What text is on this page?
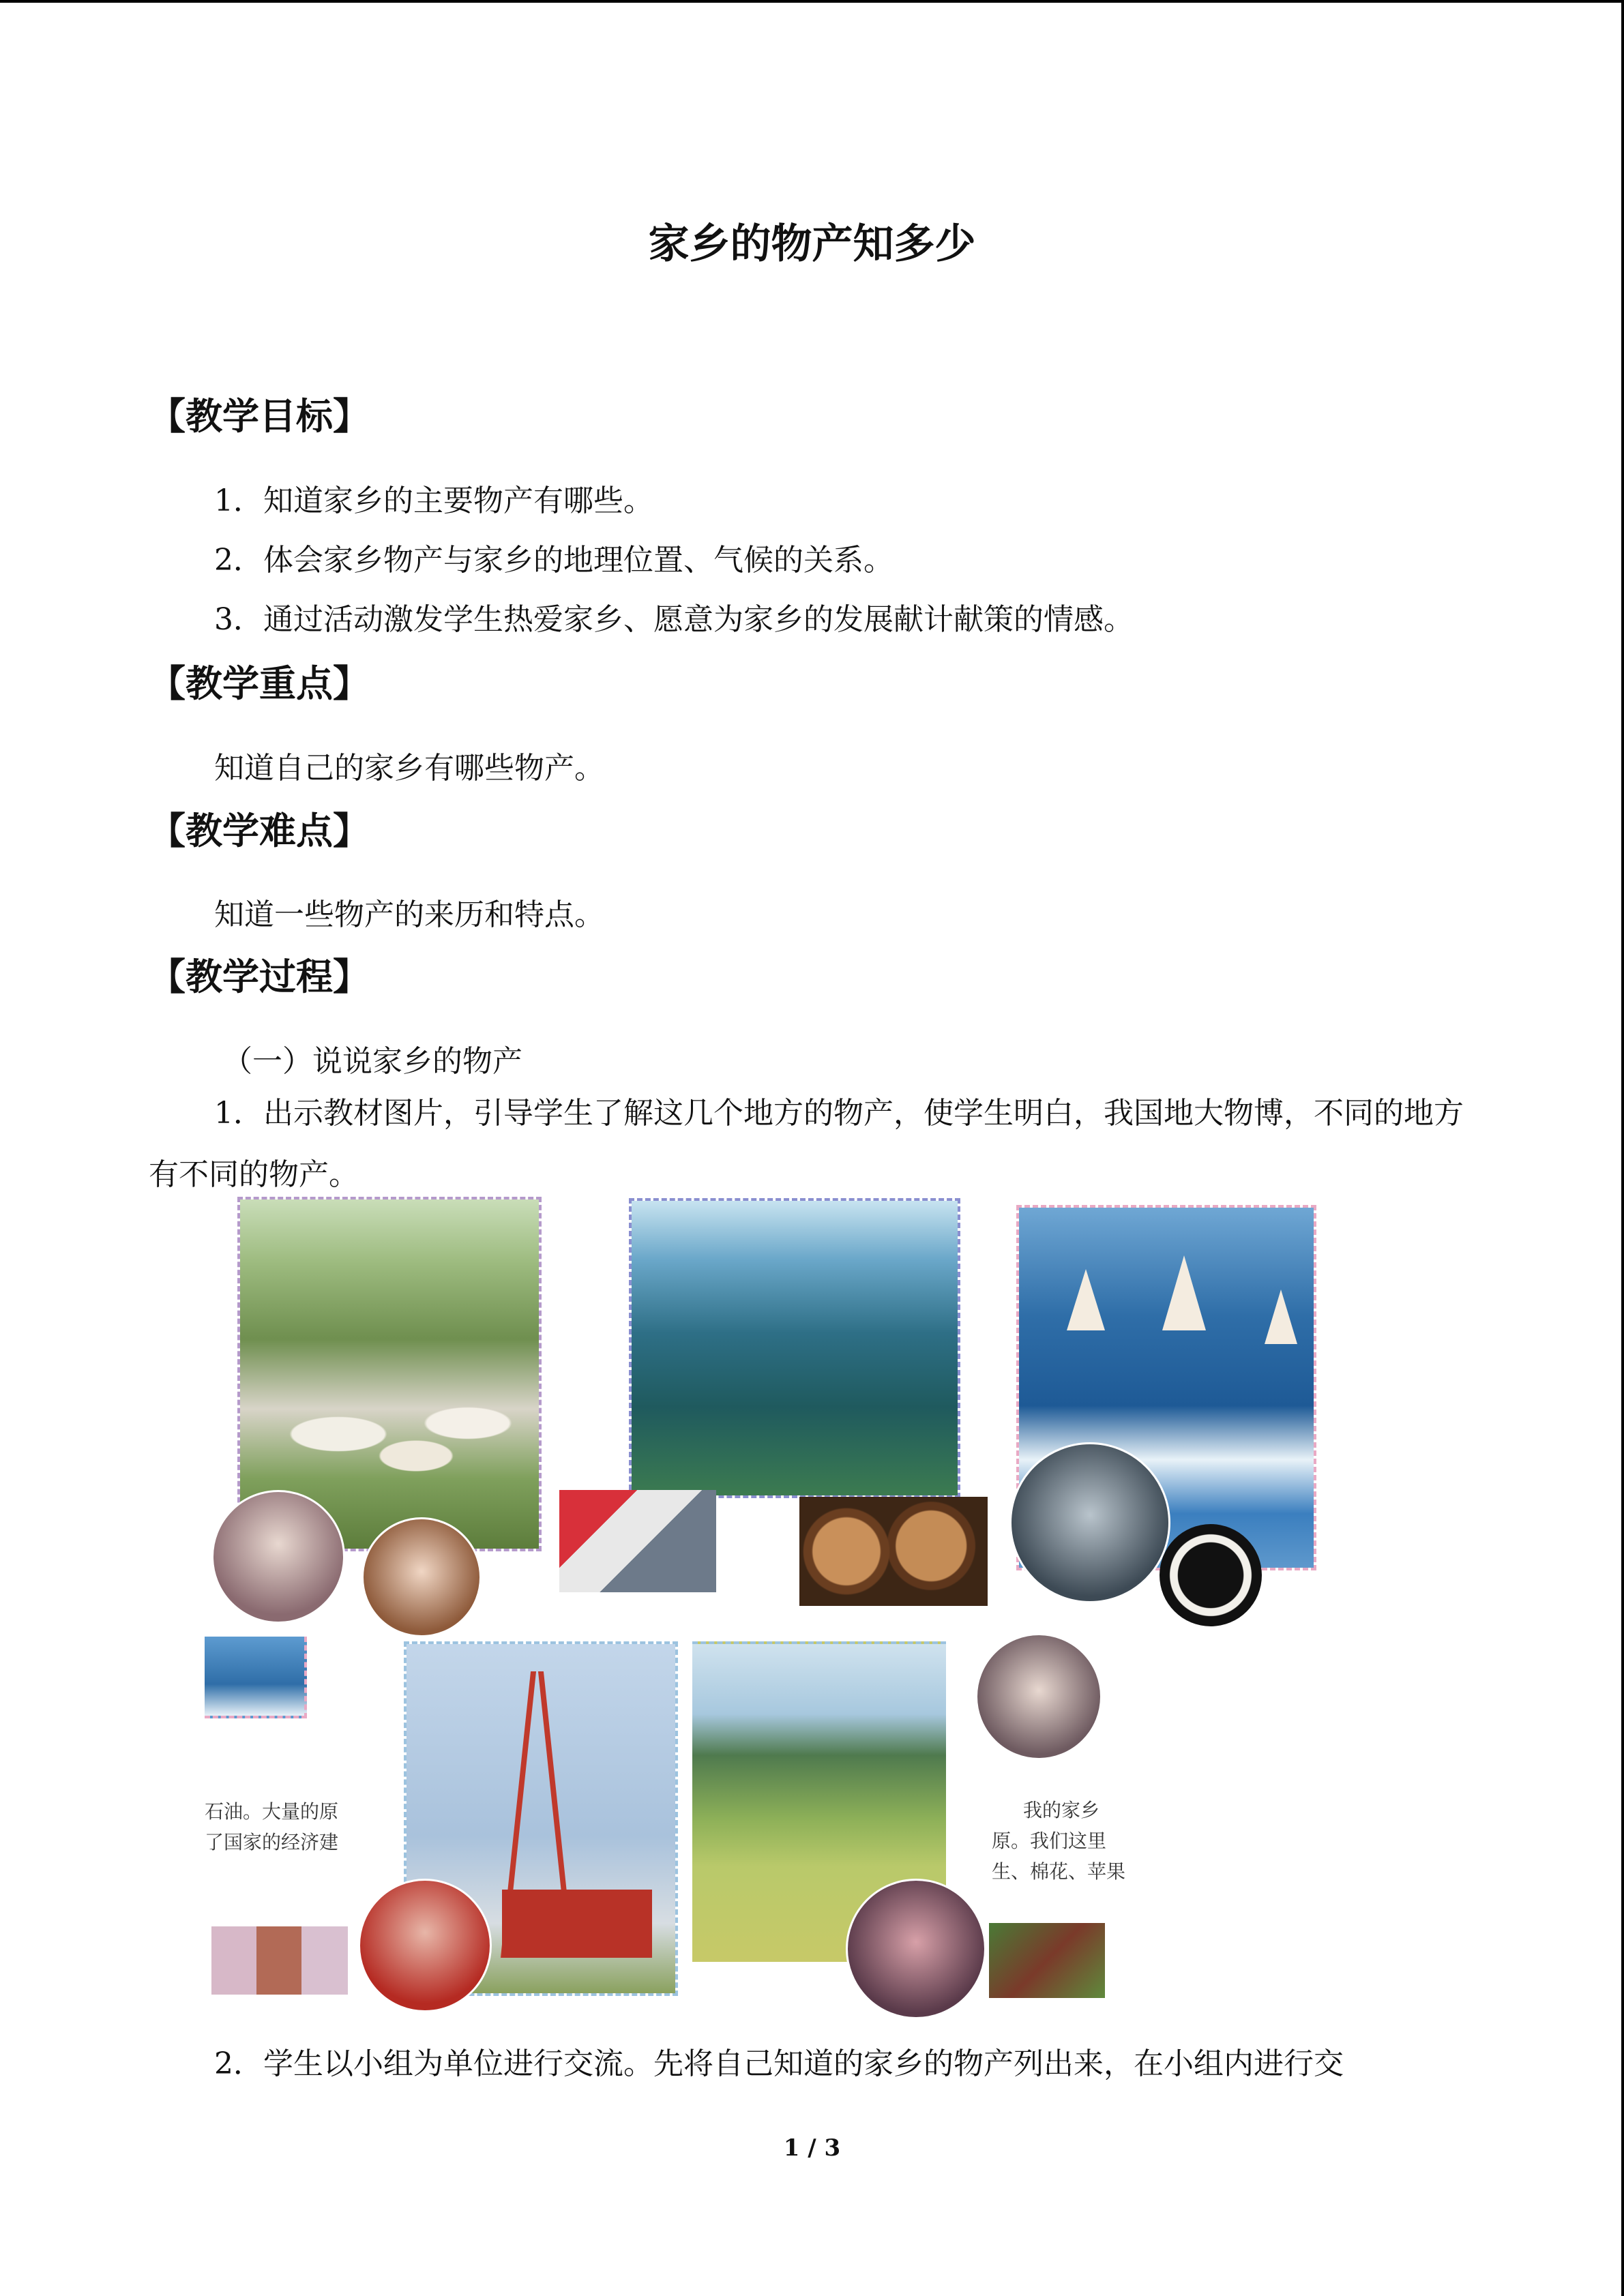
家乡的物产知多少
【教学目标】
1．知道家乡的主要物产有哪些。
2．体会家乡物产与家乡的地理位置、气候的关系。
3．通过活动激发学生热爱家乡、愿意为家乡的发展献计献策的情感。
【教学重点】
知道自己的家乡有哪些物产。
【教学难点】
知道一些物产的来历和特点。
【教学过程】
（一）说说家乡的物产
1．出示教材图片，引导学生了解这几个地方的物产，使学生明白，我国地大物博，不同的地方有不同的物产。
石油。大量的原
了国家的经济建
我的家乡
原。我们这里
生、棉花、苹果
2．学生以小组为单位进行交流。先将自己知道的家乡的物产列出来，在小组内进行交
1 / 3
